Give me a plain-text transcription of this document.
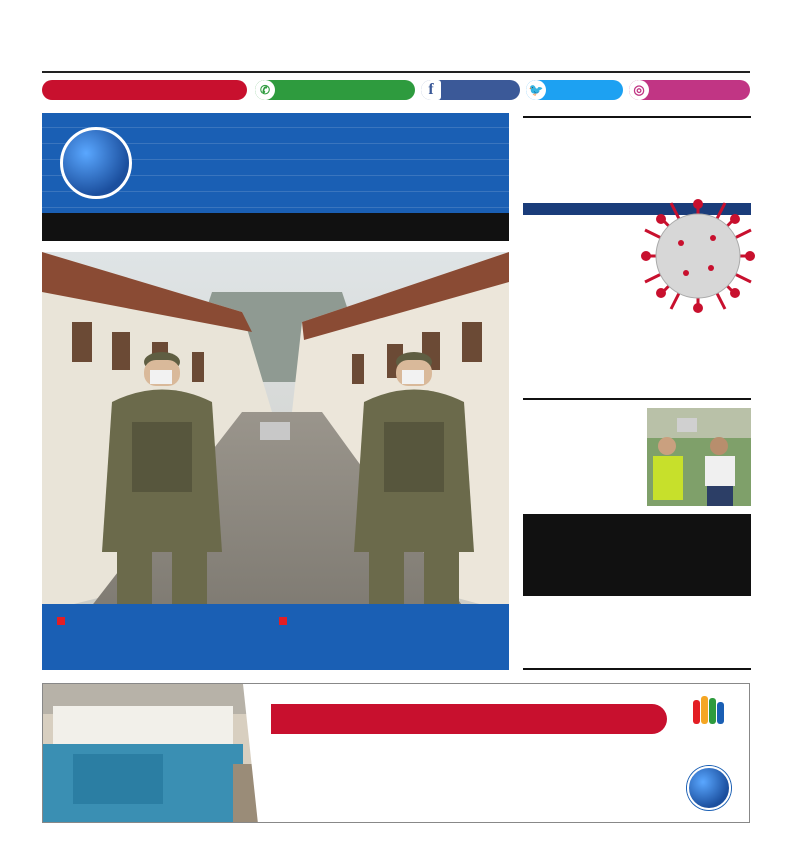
✆	f	🐦	◎
